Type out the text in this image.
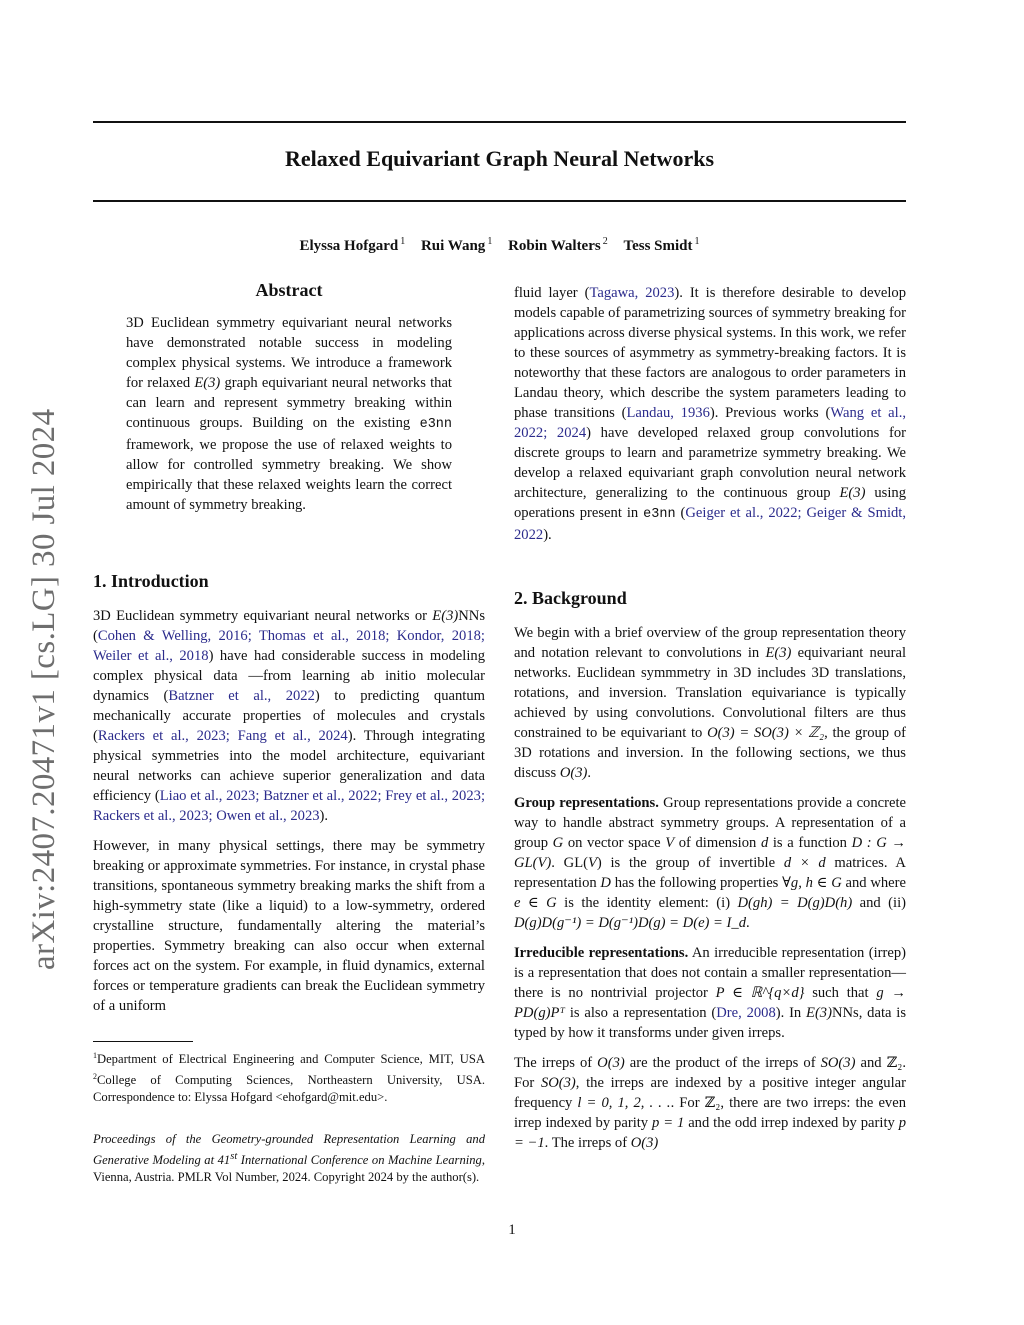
arXiv:2407.20471v1 [cs.LG] 30 Jul 2024
Relaxed Equivariant Graph Neural Networks
Elyssa Hofgard $^1$ Rui Wang $^1$ Robin Walters $^2$ Tess Smidt $^1$
Abstract

3D Euclidean symmetry equivariant neural networks have demonstrated notable success in modeling complex physical systems. We introduce a framework for relaxed E(3) graph equivariant neural networks that can learn and represent symmetry breaking within continuous groups. Building on the existing e3nn framework, we propose the use of relaxed weights to allow for controlled symmetry breaking. We show empirically that these relaxed weights learn the correct amount of symmetry breaking.

1. Introduction

3D Euclidean symmetry equivariant neural networks or E(3)NNs (Cohen & Welling, 2016; Thomas et al., 2018; Kondor, 2018; Weiler et al., 2018) have had considerable success in modeling complex physical data —from learning ab initio molecular dynamics (Batzner et al., 2022) to predicting quantum mechanically accurate properties of molecules and crystals (Rackers et al., 2023; Fang et al., 2024). Through integrating physical symmetries into the model architecture, equivariant neural networks can achieve superior generalization and data efficiency (Liao et al., 2023; Batzner et al., 2022; Frey et al., 2023; Rackers et al., 2023; Owen et al., 2023).

However, in many physical settings, there may be symmetry breaking or approximate symmetries. For instance, in crystal phase transitions, spontaneous symmetry breaking marks the shift from a high-symmetry state (like a liquid) to a low-symmetry, ordered crystalline structure, fundamentally altering the material’s properties. Symmetry breaking can also occur when external forces act on the system. For example, in fluid dynamics, external forces or temperature gradients can break the Euclidean symmetry of a uniform

$^1$Department of Electrical Engineering and Computer Science, MIT, USA $^2$College of Computing Sciences, Northeastern University, USA. Correspondence to: Elyssa Hofgard <ehofgard@mit.edu>.
Proceedings of the Geometry-grounded Representation Learning and Generative Modeling at 41st International Conference on Machine Learning, Vienna, Austria. PMLR Vol Number, 2024. Copyright 2024 by the author(s).

fluid layer (Tagawa, 2023). It is therefore desirable to develop models capable of parametrizing sources of symmetry breaking for applications across diverse physical systems. In this work, we refer to these sources of asymmetry as symmetry-breaking factors. It is noteworthy that these factors are analogous to order parameters in Landau theory, which describe the system parameters leading to phase transitions (Landau, 1936). Previous works (Wang et al., 2022; 2024) have developed relaxed group convolutions for discrete groups to learn and parametrize symmetry breaking. We develop a relaxed equivariant graph convolution neural network architecture, generalizing to the continuous group E(3) using operations present in e3nn (Geiger et al., 2022; Geiger & Smidt, 2022).

2. Background

We begin with a brief overview of the group representation theory and notation relevant to convolutions in E(3) equivariant neural networks. Euclidean symmmetry in 3D includes 3D translations, rotations, and inversion. Translation equivariance is typically achieved by using convolutions. Convolutional filters are thus constrained to be equivariant to O(3) = SO(3) × ℤ₂, the group of 3D rotations and inversion. In the following sections, we thus discuss O(3).

Group representations. Group representations provide a concrete way to handle abstract symmetry groups. A representation of a group G on vector space V of dimension d is a function D : G → GL(V). GL(V) is the group of invertible d × d matrices. A representation D has the following properties ∀g, h ∈ G and where e ∈ G is the identity element: (i) D(gh) = D(g)D(h) and (ii) D(g)D(g⁻¹) = D(g⁻¹)D(g) = D(e) = I_d.

Irreducible representations. An irreducible representation (irrep) is a representation that does not contain a smaller representation—there is no nontrivial projector P ∈ ℝ^{q×d} such that g → PD(g)Pᵀ is also a representation (Dre, 2008). In E(3)NNs, data is typed by how it transforms under given irreps.

The irreps of O(3) are the product of the irreps of SO(3) and ℤ₂. For SO(3), the irreps are indexed by a positive integer angular frequency l = 0, 1, 2, . . .. For ℤ₂, there are two irreps: the even irrep indexed by parity p = 1 and the odd irrep indexed by parity p = −1. The irreps of O(3)

1
